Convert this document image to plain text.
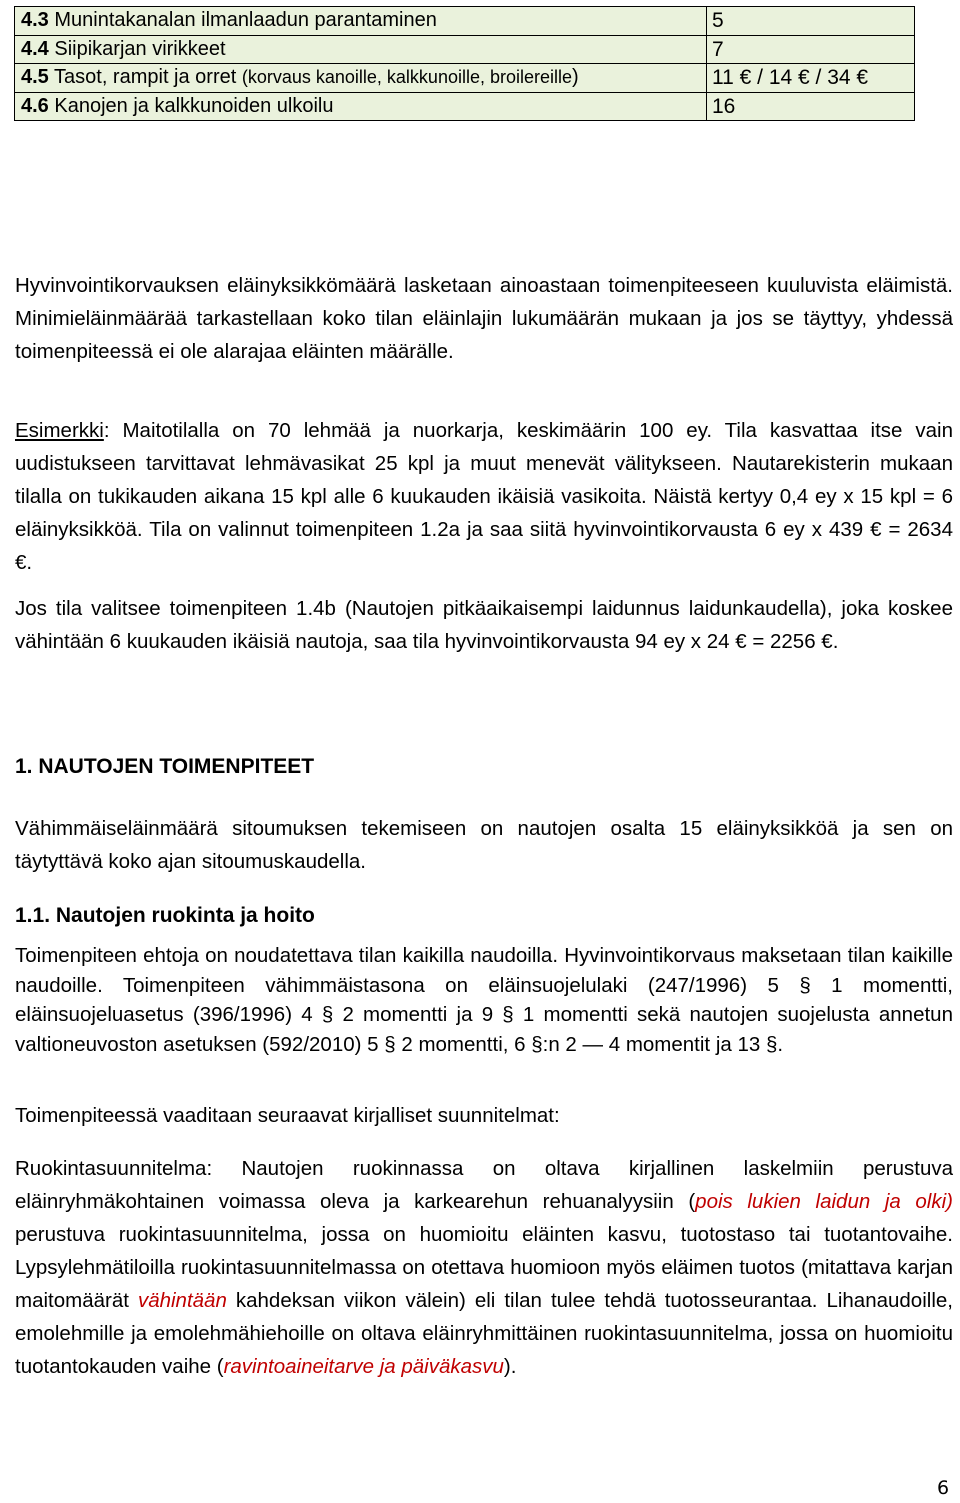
4.3 Munintakanalan ilmanlaadun parantaminen	5
4.4 Siipikarjan virikkeet	7
4.5 Tasot, rampit ja orret (korvaus kanoille, kalkkunoille, broilereille)	11 € / 14 € / 34 €
4.6 Kanojen ja kalkkunoiden ulkoilu	16

Hyvinvointikorvauksen eläinyksikkömäärä lasketaan ainoastaan toimenpiteeseen kuuluvista eläimistä. Minimieläinmäärää tarkastellaan koko tilan eläinlajin lukumäärän mukaan ja jos se täyttyy, yhdessä toimenpiteessä ei ole alarajaa eläinten määrälle.

Esimerkki: Maitotilalla on 70 lehmää ja nuorkarja, keskimäärin 100 ey. Tila kasvattaa itse vain uudistukseen tarvittavat lehmävasikat 25 kpl ja muut menevät välitykseen. Nautarekisterin mukaan tilalla on tukikauden aikana 15 kpl alle 6 kuukauden ikäisiä vasikoita. Näistä kertyy 0,4 ey x 15 kpl = 6 eläinyksikköä. Tila on valinnut toimenpiteen 1.2a ja saa siitä hyvinvointikorvausta 6 ey x 439 € = 2634 €.

Jos tila valitsee toimenpiteen 1.4b (Nautojen pitkäaikaisempi laidunnus laidunkaudella), joka koskee vähintään 6 kuukauden ikäisiä nautoja, saa tila hyvinvointikorvausta 94 ey x 24 € = 2256 €.

1. NAUTOJEN TOIMENPITEET

Vähimmäiseläinmäärä sitoumuksen tekemiseen on nautojen osalta 15 eläinyksikköä ja sen on täytyttävä koko ajan sitoumuskaudella.

1.1. Nautojen ruokinta ja hoito

Toimenpiteen ehtoja on noudatettava tilan kaikilla naudoilla. Hyvinvointikorvaus maksetaan tilan kaikille naudoille. Toimenpiteen vähimmäistasona on eläinsuojelulaki (247/1996) 5 § 1 momentti, eläinsuojeluasetus (396/1996) 4 § 2 momentti ja 9 § 1 momentti sekä nautojen suojelusta annetun valtioneuvoston asetuksen (592/2010) 5 § 2 momentti, 6 §:n 2 — 4 momentit ja 13 §.

Toimenpiteessä vaaditaan seuraavat kirjalliset suunnitelmat:

Ruokintasuunnitelma: Nautojen ruokinnassa on oltava kirjallinen laskelmiin perustuva eläinryhmäkohtainen voimassa oleva ja karkearehun rehuanalyysiin (pois lukien laidun ja olki) perustuva ruokintasuunnitelma, jossa on huomioitu eläinten kasvu, tuotostaso tai tuotantovaihe. Lypsylehmätiloilla ruokintasuunnitelmassa on otettava huomioon myös eläimen tuotos (mitattava karjan maitomäärät vähintään kahdeksan viikon välein) eli tilan tulee tehdä tuotosseurantaa. Lihanaudoille, emolehmille ja emolehmähiehoille on oltava eläinryhmittäinen ruokintasuunnitelma, jossa on huomioitu tuotantokauden vaihe (ravintoaineitarve ja päiväkasvu).

6
